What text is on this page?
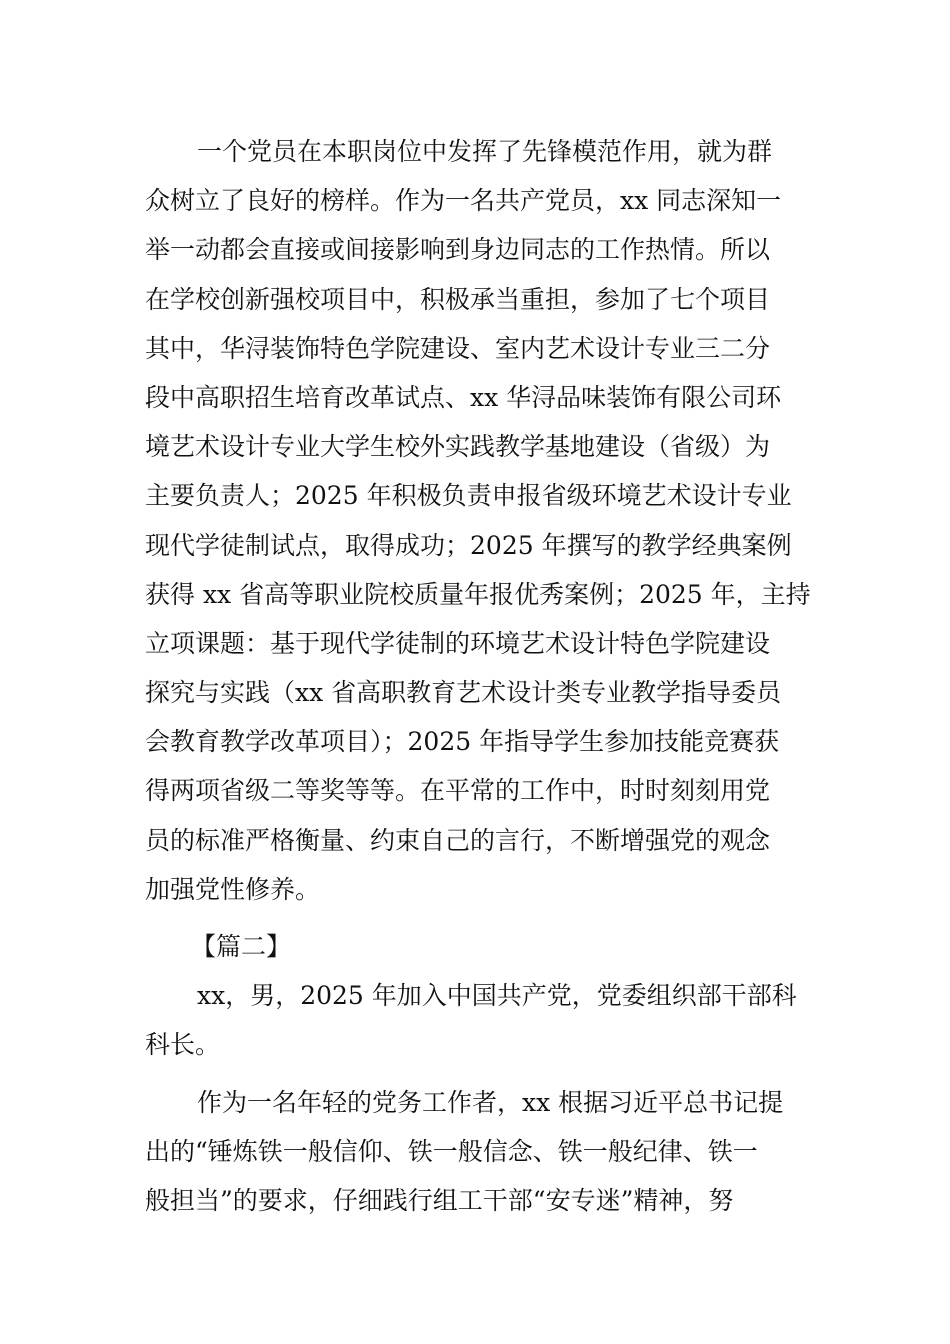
一个党员在本职岗位中发挥了先锋模范作用，就为群
众树立了良好的榜样。作为一名共产党员，xx 同志深知一
举一动都会直接或间接影响到身边同志的工作热情。所以
在学校创新强校项目中，积极承当重担，参加了七个项目
其中，华浔装饰特色学院建设、室内艺术设计专业三二分
段中高职招生培育改革试点、xx 华浔品味装饰有限公司环
境艺术设计专业大学生校外实践教学基地建设（省级）为
主要负责人；2025 年积极负责申报省级环境艺术设计专业
现代学徒制试点，取得成功；2025 年撰写的教学经典案例
获得 xx 省高等职业院校质量年报优秀案例；2025 年，主持
立项课题：基于现代学徒制的环境艺术设计特色学院建设
探究与实践（xx 省高职教育艺术设计类专业教学指导委员
会教育教学改革项目）；2025 年指导学生参加技能竞赛获
得两项省级二等奖等等。在平常的工作中，时时刻刻用党
员的标准严格衡量、约束自己的言行，不断增强党的观念
加强党性修养。
【篇二】
xx，男，2025 年加入中国共产党，党委组织部干部科
科长。
作为一名年轻的党务工作者，xx 根据习近平总书记提
出的“锤炼铁一般信仰、铁一般信念、铁一般纪律、铁一
般担当”的要求，仔细践行组工干部“安专迷”精神，努
